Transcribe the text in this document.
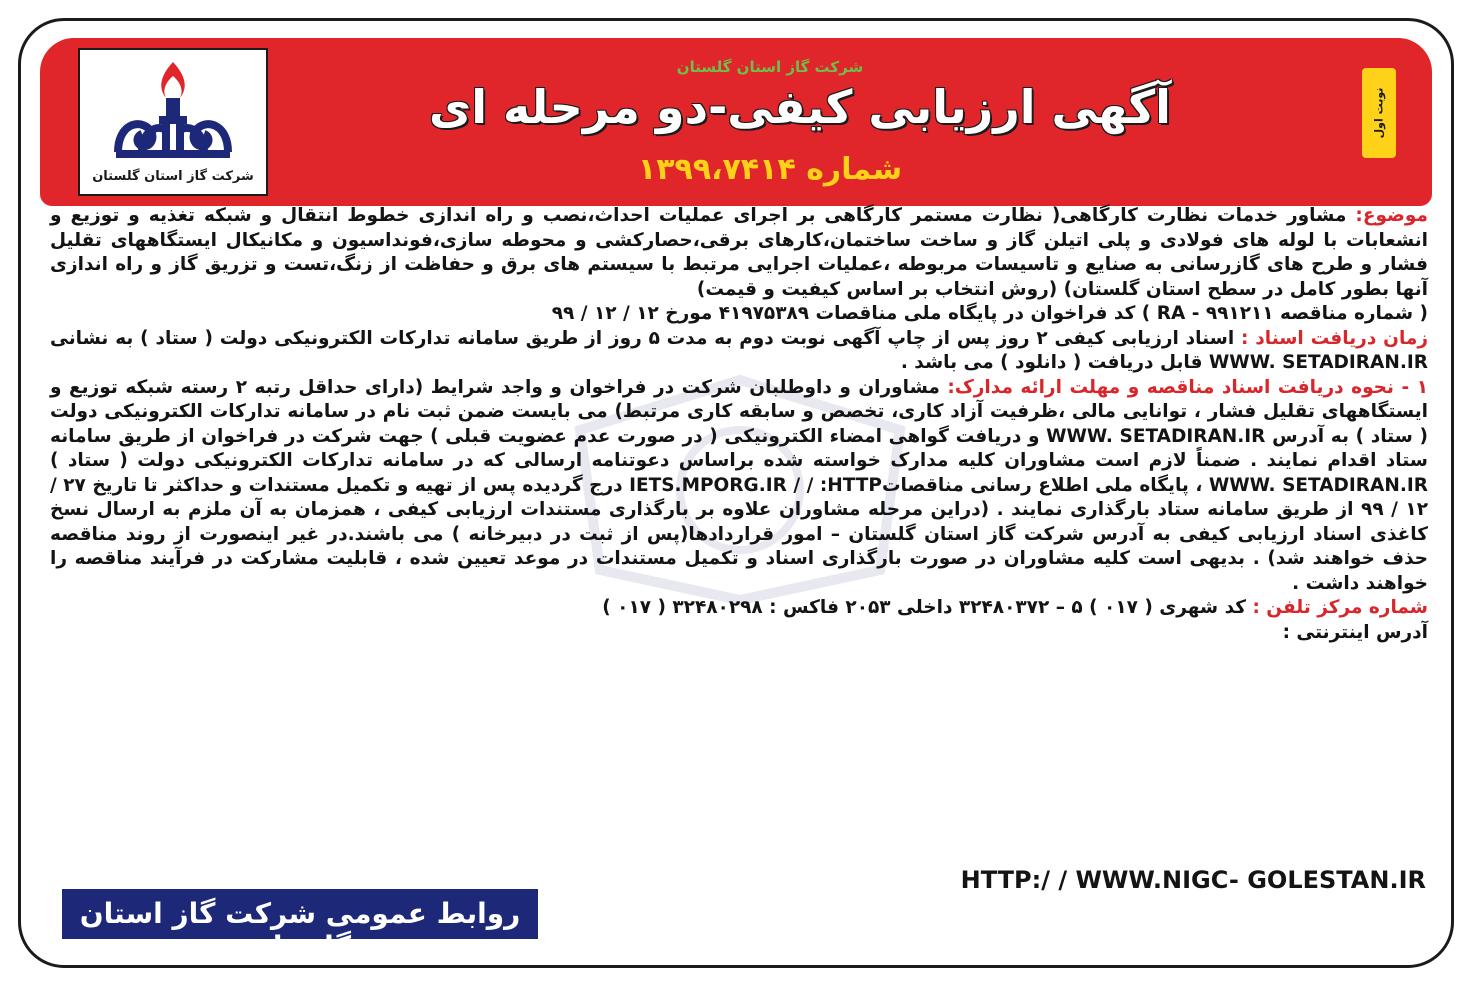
شرکت گاز استان گلستان
شرکت گاز استان گلستان
آگهی ارزیابی کیفی-دو مرحله ای
شماره ۱۳۹۹،۷۴۱۴
نوبت اول

موضوع: مشاور خدمات نظارت کارگاهی( نظارت مستمر کارگاهی بر اجرای عملیات احداث،نصب و راه اندازی خطوط انتقال و شبکه تغذیه و توزیع و انشعابات با لوله های فولادی و پلی اتیلن گاز و ساخت ساختمان،کارهای برقی،حصارکشی و محوطه سازی،فونداسیون و مکانیکال ایستگاههای تقلیل فشار و طرح های گازرسانی به صنایع و تاسیسات مربوطه ،عملیات اجرایی مرتبط با سیستم های برق و حفاظت از زنگ،تست و تزریق گاز و راه اندازی آنها بطور کامل در سطح استان گلستان) (روش انتخاب بر اساس کیفیت و قیمت)

( شماره مناقصه ۹۹۱۲۱۱ - RA ) کد فراخوان در پایگاه ملی مناقصات ۴۱۹۷۵۳۸۹ مورخ ۱۲ / ۱۲ / ۹۹

زمان دریافت اسناد : اسناد ارزیابی کیفی ۲ روز پس از چاپ آگهی نوبت دوم به مدت ۵ روز از طریق سامانه تدارکات الکترونیکی دولت ( ستاد ) به نشانی WWW. SETADIRAN.IR قابل دریافت ( دانلود ) می باشد .

۱ - نحوه دریافت اسناد مناقصه و مهلت ارائه مدارک: مشاوران و داوطلبان شرکت در فراخوان و واجد شرایط (دارای حداقل رتبه ۲ رسته شبکه توزیع و ایستگاههای تقلیل فشار ، توانایی مالی ،ظرفیت آزاد کاری، تخصص و سابقه کاری مرتبط) می بایست ضمن ثبت نام در سامانه تدارکات الکترونیکی دولت ( ستاد ) به آدرس WWW. SETADIRAN.IR و دریافت گواهی امضاء الکترونیکی ( در صورت عدم عضویت قبلی ) جهت شرکت در فراخوان از طریق سامانه ستاد اقدام نمایند . ضمناً لازم است مشاوران کلیه مدارک خواسته شده براساس دعوتنامه ارسالی که در سامانه تدارکات الکترونیکی دولت ( ستاد ) WWW. SETADIRAN.IR ، پایگاه ملی اطلاع رسانی مناقصاتIETS.MPORG.IR / / :HTTP درج گردیده پس از تهیه و تکمیل مستندات و حداکثر تا تاریخ ۲۷ / ۱۲ / ۹۹ از طریق سامانه ستاد بارگذاری نمایند . (دراین مرحله مشاوران علاوه بر بارگذاری مستندات ارزیابی کیفی ، همزمان به آن ملزم به ارسال نسخ کاغذی اسناد ارزیابی کیفی به آدرس شرکت گاز استان گلستان – امور قراردادها(پس از ثبت در دبیرخانه ) می باشند.در غیر اینصورت از روند مناقصه حذف خواهند شد) . بدیهی است کلیه مشاوران در صورت بارگذاری اسناد و تکمیل مستندات در موعد تعیین شده ، قابلیت مشارکت در فرآیند مناقصه را خواهند داشت .

شماره مرکز تلفن : کد شهری ( ۰۱۷ ) ۵ – ۳۲۴۸۰۳۷۲ داخلی ۲۰۵۳ فاکس : ۳۲۴۸۰۲۹۸ ( ۰۱۷ )

آدرس اینترنتی :

HTTP:/ / WWW.NIGC- GOLESTAN.IR
روابط عمومی شرکت گاز استان گلستان
